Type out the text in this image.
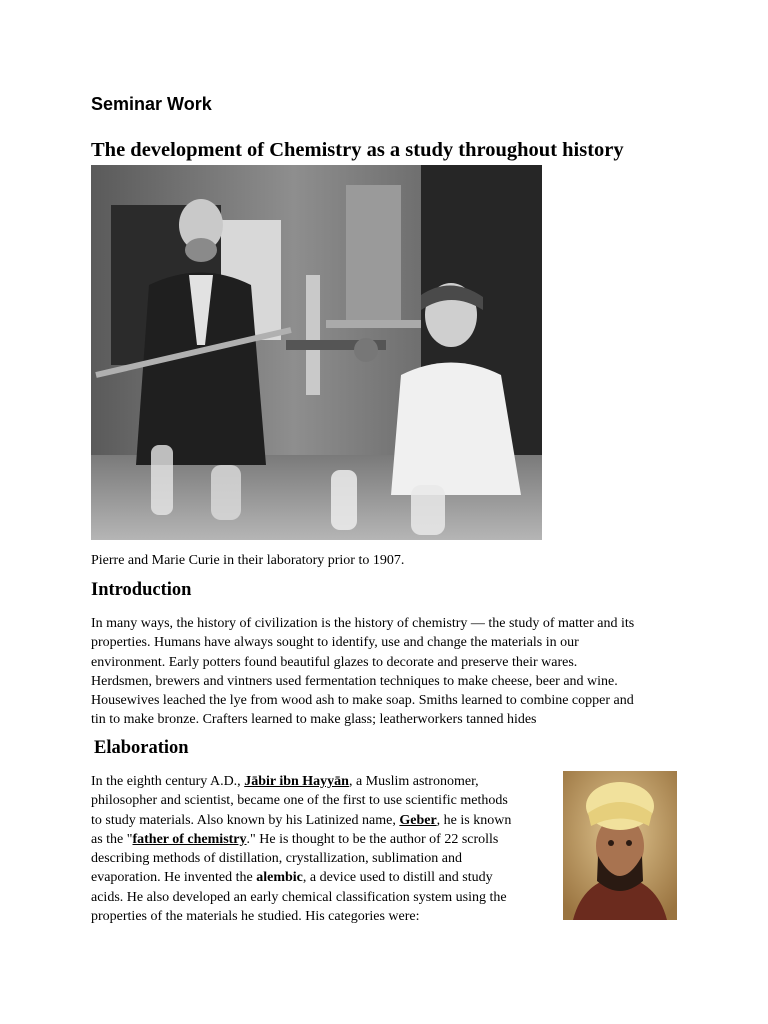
Seminar Work
The development of Chemistry as a study throughout history
Pierre and Marie Curie in their laboratory prior to 1907.
Introduction

In many ways, the history of civilization is the history of chemistry — the study of matter and its
properties. Humans have always sought to identify, use and change the materials in our
environment. Early potters found beautiful glazes to decorate and preserve their wares.
Herdsmen, brewers and vintners used fermentation techniques to make cheese, beer and wine.
Housewives leached the lye from wood ash to make soap. Smiths learned to combine copper and
tin to make bronze. Crafters learned to make glass; leatherworkers tanned hides

Elaboration

In the eighth century A.D., Jābir ibn Hayyān, a Muslim astronomer,
philosopher and scientist, became one of the first to use scientific methods
to study materials. Also known by his Latinized name, Geber, he is known
as the "father of chemistry." He is thought to be the author of 22 scrolls
describing methods of distillation, crystallization, sublimation and
evaporation. He invented the alembic, a device used to distill and study
acids. He also developed an early chemical classification system using the
properties of the materials he studied. His categories were:
